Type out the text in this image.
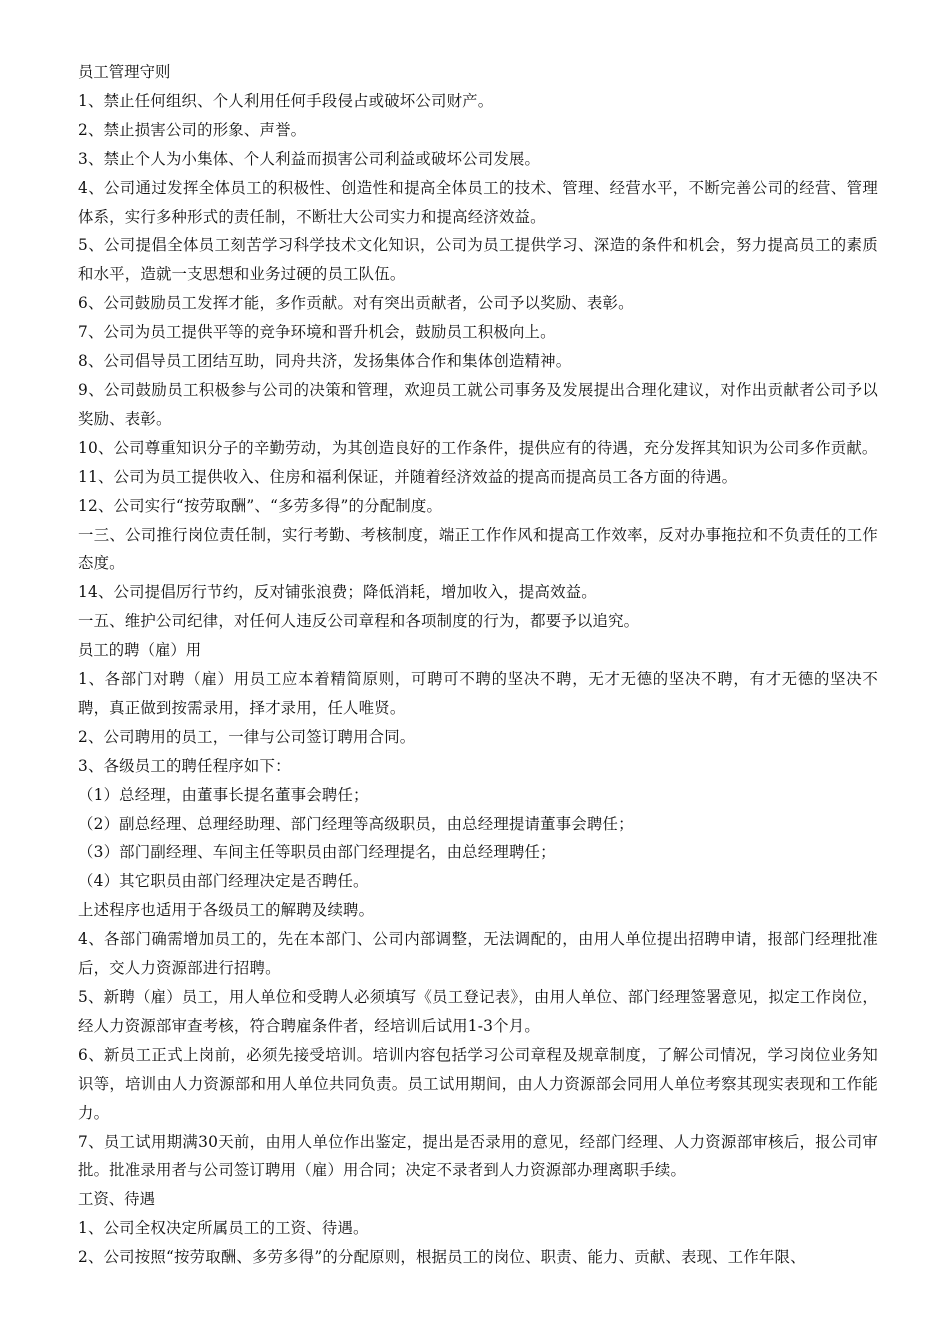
员工管理守则

1、禁止任何组织、个人利用任何手段侵占或破坏公司财产。

2、禁止损害公司的形象、声誉。

3、禁止个人为小集体、个人利益而损害公司利益或破坏公司发展。

4、公司通过发挥全体员工的积极性、创造性和提高全体员工的技术、管理、经营水平，不断完善公司的经营、管理体系，实行多种形式的责任制，不断壮大公司实力和提高经济效益。

5、公司提倡全体员工刻苦学习科学技术文化知识，公司为员工提供学习、深造的条件和机会，努力提高员工的素质和水平，造就一支思想和业务过硬的员工队伍。

6、公司鼓励员工发挥才能，多作贡献。对有突出贡献者，公司予以奖励、表彰。

7、公司为员工提供平等的竞争环境和晋升机会，鼓励员工积极向上。

8、公司倡导员工团结互助，同舟共济，发扬集体合作和集体创造精神。

9、公司鼓励员工积极参与公司的决策和管理，欢迎员工就公司事务及发展提出合理化建议，对作出贡献者公司予以奖励、表彰。

10、公司尊重知识分子的辛勤劳动，为其创造良好的工作条件，提供应有的待遇，充分发挥其知识为公司多作贡献。

11、公司为员工提供收入、住房和福利保证，并随着经济效益的提高而提高员工各方面的待遇。

12、公司实行“按劳取酬”、“多劳多得”的分配制度。

一三、公司推行岗位责任制，实行考勤、考核制度，端正工作作风和提高工作效率，反对办事拖拉和不负责任的工作态度。

14、公司提倡厉行节约，反对铺张浪费；降低消耗，增加收入，提高效益。

一五、维护公司纪律，对任何人违反公司章程和各项制度的行为，都要予以追究。

员工的聘（雇）用

1、各部门对聘（雇）用员工应本着精简原则，可聘可不聘的坚决不聘，无才无德的坚决不聘，有才无德的坚决不聘，真正做到按需录用，择才录用，任人唯贤。

2、公司聘用的员工，一律与公司签订聘用合同。

3、各级员工的聘任程序如下：

（1）总经理，由董事长提名董事会聘任；

（2）副总经理、总理经助理、部门经理等高级职员，由总经理提请董事会聘任；

（3）部门副经理、车间主任等职员由部门经理提名，由总经理聘任；

（4）其它职员由部门经理决定是否聘任。

上述程序也适用于各级员工的解聘及续聘。

4、各部门确需增加员工的，先在本部门、公司内部调整，无法调配的，由用人单位提出招聘申请，报部门经理批准后，交人力资源部进行招聘。

5、新聘（雇）员工，用人单位和受聘人必须填写《员工登记表》，由用人单位、部门经理签署意见，拟定工作岗位，经人力资源部审查考核，符合聘雇条件者，经培训后试用1-3个月。

6、新员工正式上岗前，必须先接受培训。培训内容包括学习公司章程及规章制度，了解公司情况，学习岗位业务知识等，培训由人力资源部和用人单位共同负责。员工试用期间，由人力资源部会同用人单位考察其现实表现和工作能力。

7、员工试用期满30天前，由用人单位作出鉴定，提出是否录用的意见，经部门经理、人力资源部审核后，报公司审批。批准录用者与公司签订聘用（雇）用合同；决定不录者到人力资源部办理离职手续。

工资、待遇

1、公司全权决定所属员工的工资、待遇。

2、公司按照“按劳取酬、多劳多得”的分配原则，根据员工的岗位、职责、能力、贡献、表现、工作年限、
